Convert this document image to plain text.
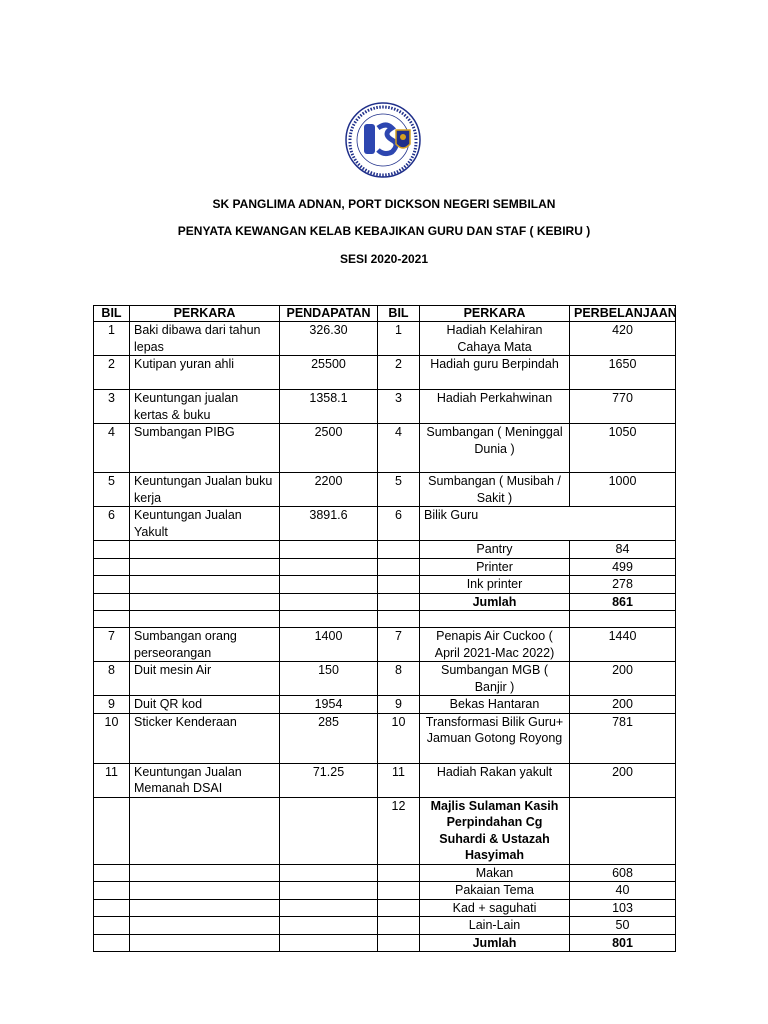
SK PANGLIMA ADNAN, PORT DICKSON NEGERI SEMBILAN
PENYATA KEWANGAN KELAB KEBAJIKAN GURU DAN STAF ( KEBIRU )
SESI 2020-2021
BIL	PERKARA	PENDAPATAN	BIL	PERKARA	PERBELANJAAN
1	Baki dibawa dari tahun lepas	326.30	1	Hadiah Kelahiran Cahaya Mata	420
2	Kutipan yuran ahli	25500	2	Hadiah guru Berpindah	1650
3	Keuntungan jualan kertas & buku	1358.1	3	Hadiah Perkahwinan	770
4	Sumbangan PIBG	2500	4	Sumbangan ( Meninggal Dunia )	1050
5	Keuntungan Jualan buku kerja	2200	5	Sumbangan ( Musibah / Sakit )	1000
6	Keuntungan Jualan Yakult	3891.6	6	Bilik Guru	
				Pantry	84
				Printer	499
				Ink printer	278
				Jumlah	861

7	Sumbangan orang perseorangan	1400	7	Penapis Air Cuckoo ( April 2021-Mac 2022)	1440
8	Duit mesin Air	150	8	Sumbangan MGB ( Banjir )	200
9	Duit QR kod	1954	9	Bekas Hantaran	200
10	Sticker Kenderaan	285	10	Transformasi Bilik Guru+ Jamuan Gotong Royong	781
11	Keuntungan Jualan Memanah DSAI	71.25	11	Hadiah Rakan yakult	200
			12	Majlis Sulaman Kasih Perpindahan Cg Suhardi & Ustazah Hasyimah	
				Makan	608
				Pakaian Tema	40
				Kad + saguhati	103
				Lain-Lain	50
				Jumlah	801
